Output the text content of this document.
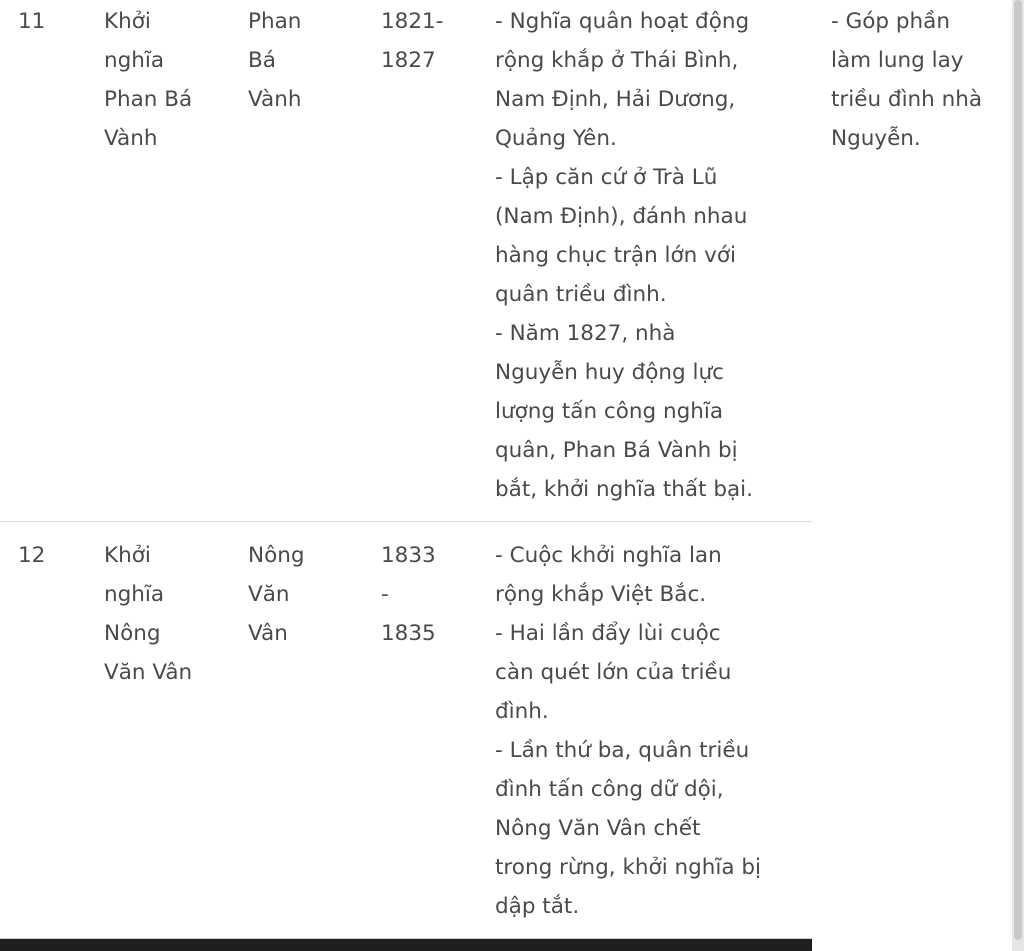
11	Khởi
nghĩa
Phan Bá
Vành
Phan
Bá
Vành
1821-
1827
- Nghĩa quân hoạt động
rộng khắp ở Thái Bình,
Nam Định, Hải Dương,
Quảng Yên.
- Lập căn cứ ở Trà Lũ
(Nam Định), đánh nhau
hàng chục trận lớn với
quân triều đình.
- Năm 1827, nhà
Nguyễn huy động lực
lượng tấn công nghĩa
quân, Phan Bá Vành bị
bắt, khởi nghĩa thất bại.
- Góp phần
làm lung lay
triều đình nhà
Nguyễn.
12	Khởi
nghĩa
Nông
Văn Vân
Nông
Văn
Vân
1833
-
1835
- Cuộc khởi nghĩa lan
rộng khắp Việt Bắc.
- Hai lần đẩy lùi cuộc
càn quét lớn của triều
đình.
- Lần thứ ba, quân triều
đình tấn công dữ dội,
Nông Văn Vân chết
trong rừng, khởi nghĩa bị
dập tắt.
